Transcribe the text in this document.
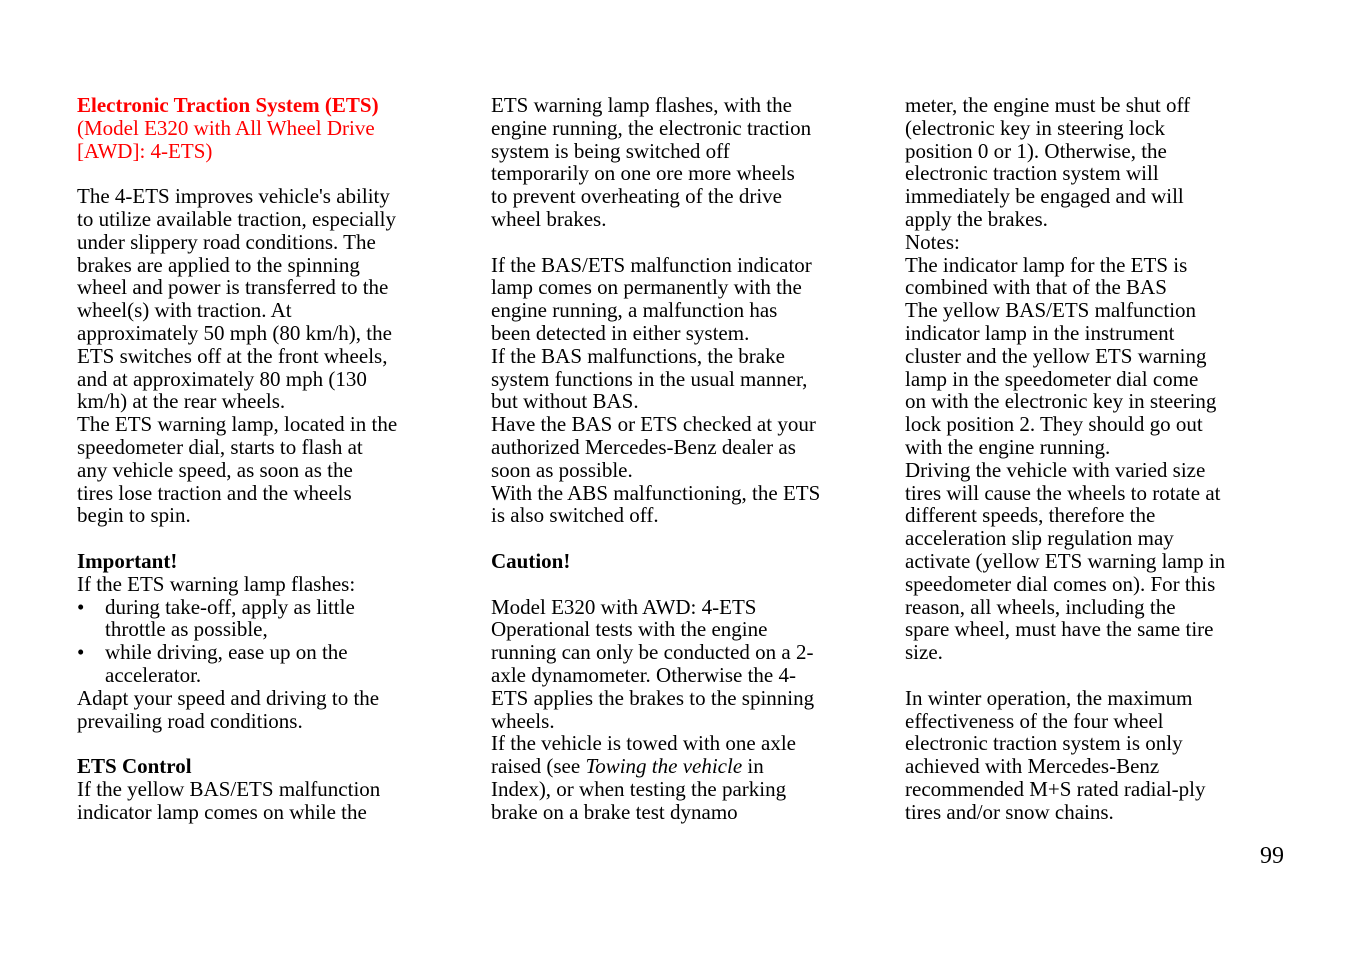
Electronic Traction System (ETS)
(Model E320 with All Wheel Drive
[AWD]: 4-ETS)
The 4-ETS improves vehicle's ability
to utilize available traction, especially
under slippery road conditions. The
brakes are applied to the spinning
wheel and power is transferred to the
wheel(s) with traction. At
approximately 50 mph (80 km/h), the
ETS switches off at the front wheels,
and at approximately 80 mph (130
km/h) at the rear wheels.
The ETS warning lamp, located in the
speedometer dial, starts to flash at
any vehicle speed, as soon as the
tires lose traction and the wheels
begin to spin.
Important!
If the ETS warning lamp flashes:
• during take-off, apply as little
throttle as possible,
• while driving, ease up on the
accelerator.
Adapt your speed and driving to the
prevailing road conditions.
ETS Control
If the yellow BAS/ETS malfunction
indicator lamp comes on while the
ETS warning lamp flashes, with the
engine running, the electronic traction
system is being switched off
temporarily on one ore more wheels
to prevent overheating of the drive
wheel brakes.
If the BAS/ETS malfunction indicator
lamp comes on permanently with the
engine running, a malfunction has
been detected in either system.
If the BAS malfunctions, the brake
system functions in the usual manner,
but without BAS.
Have the BAS or ETS checked at your
authorized Mercedes-Benz dealer as
soon as possible.
With the ABS malfunctioning, the ETS
is also switched off.
Caution!
Model E320 with AWD: 4-ETS
Operational tests with the engine
running can only be conducted on a 2-
axle dynamometer. Otherwise the 4-
ETS applies the brakes to the spinning
wheels.
If the vehicle is towed with one axle
raised (see Towing the vehicle in
Index), or when testing the parking
brake on a brake test dynamo
meter, the engine must be shut off
(electronic key in steering lock
position 0 or 1). Otherwise, the
electronic traction system will
immediately be engaged and will
apply the brakes.
Notes:
The indicator lamp for the ETS is
combined with that of the BAS
The yellow BAS/ETS malfunction
indicator lamp in the instrument
cluster and the yellow ETS warning
lamp in the speedometer dial come
on with the electronic key in steering
lock position 2. They should go out
with the engine running.
Driving the vehicle with varied size
tires will cause the wheels to rotate at
different speeds, therefore the
acceleration slip regulation may
activate (yellow ETS warning lamp in
speedometer dial comes on). For this
reason, all wheels, including the
spare wheel, must have the same tire
size.
In winter operation, the maximum
effectiveness of the four wheel
electronic traction system is only
achieved with Mercedes-Benz
recommended M+S rated radial-ply
tires and/or snow chains.
99
